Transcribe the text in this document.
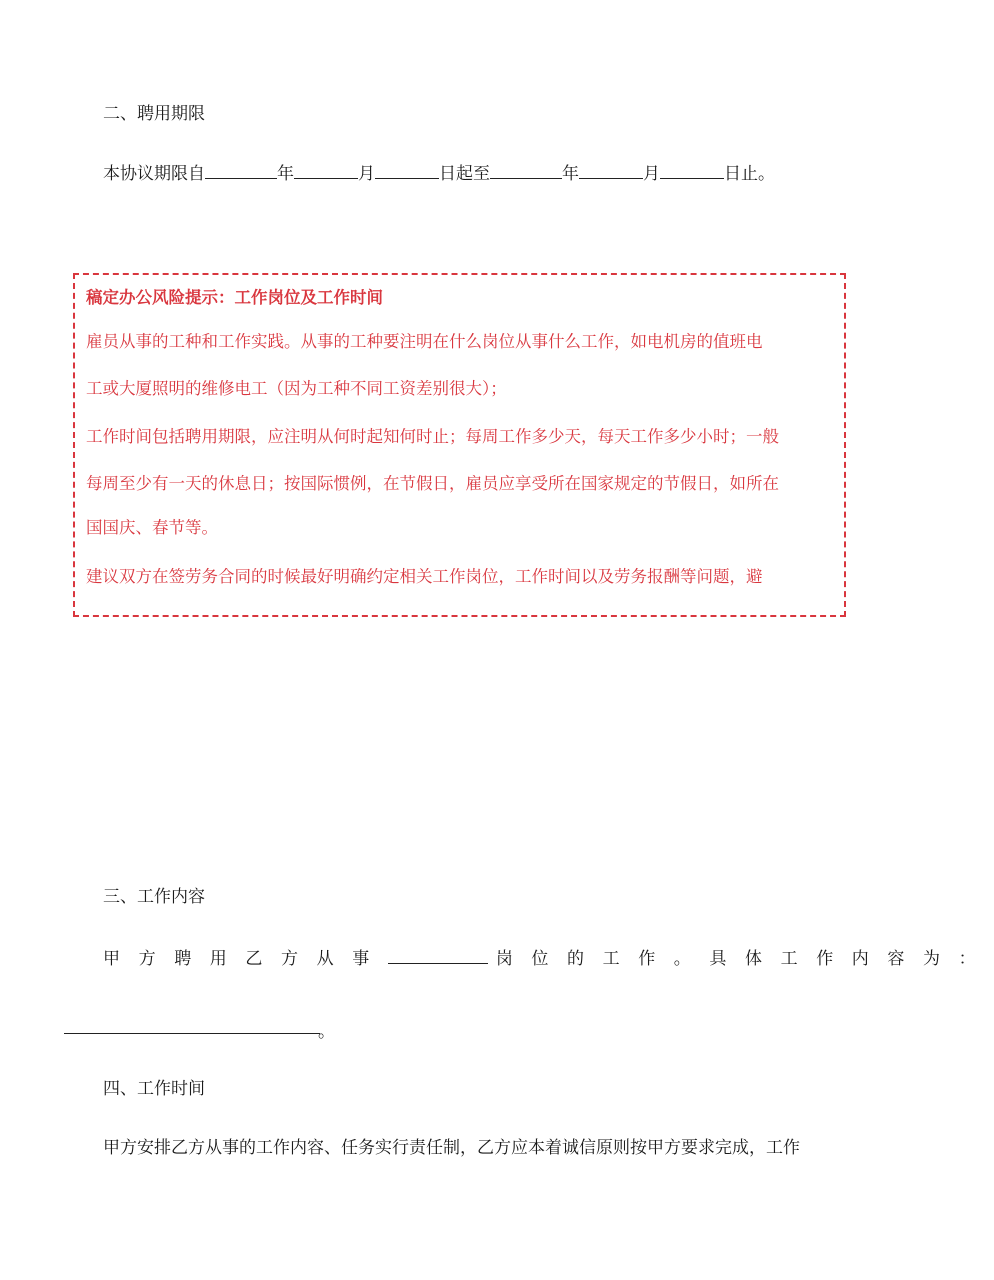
二、聘用期限
本协议期限自	年	月	日起至	年	月	日止。
稿定办公风险提示：工作岗位及工作时间
雇员从事的工种和工作实践。从事的工种要注明在什么岗位从事什么工作，如电机房的值班电
工或大厦照明的维修电工（因为工种不同工资差别很大）；
工作时间包括聘用期限，应注明从何时起知何时止；每周工作多少天，每天工作多少小时；一般
每周至少有一天的休息日；按国际惯例，在节假日，雇员应享受所在国家规定的节假日，如所在
国国庆、春节等。
建议双方在签劳务合同的时候最好明确约定相关工作岗位，工作时间以及劳务报酬等问题，避
三、工作内容
甲方聘用乙方从事	岗位的工作。具体工作内容为：
。
四、工作时间
甲方安排乙方从事的工作内容、任务实行责任制，乙方应本着诚信原则按甲方要求完成，工作
